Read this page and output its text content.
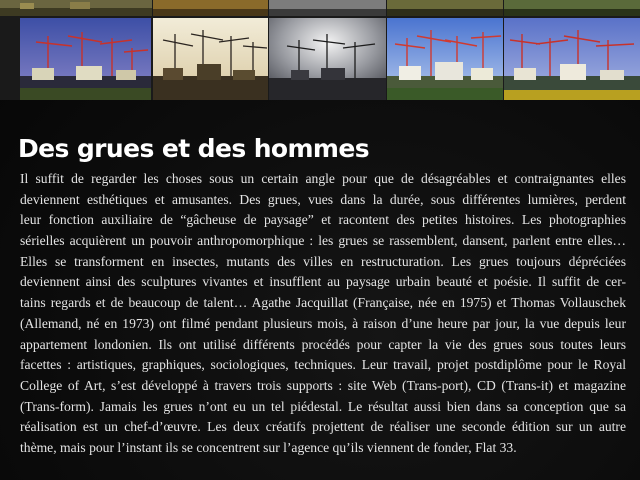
Des grues et des hommes
Il suffit de regarder les choses sous un certain angle pour que de désagréables et contraignantes elles
deviennent esthétiques et amusantes. Des grues, vues dans la durée, sous différentes lumières, perdent
leur fonction auxiliaire de “gâcheuse de paysage” et racontent des petites histoires. Les photographies
sérielles acquièrent un pouvoir anthropomorphique : les grues se rassemblent, dansent, parlent entre elles…
Elles se transforment en insectes, mutants des villes en restructuration. Les grues toujours dépréciées
deviennent ainsi des sculptures vivantes et insufflent au paysage urbain beauté et poésie. Il suffit de cer-
tains regards et de beaucoup de talent… Agathe Jacquillat (Française, née en 1975) et Thomas Vollauschek
(Allemand, né en 1973) ont filmé pendant plusieurs mois, à raison d’une heure par jour, la vue depuis leur
appartement londonien. Ils ont utilisé différents procédés pour capter la vie des grues sous toutes leurs
facettes : artistiques, graphiques, sociologiques, techniques. Leur travail, projet postdiplôme pour le Royal
College of Art, s’est développé à travers trois supports : site Web (Trans-port), CD (Trans-it) et magazine
(Trans-form). Jamais les grues n’ont eu un tel piédestal. Le résultat aussi bien dans sa conception que sa
réalisation est un chef-d’œuvre. Les deux créatifs projettent de réaliser une seconde édition sur un autre
thème, mais pour l’instant ils se concentrent sur l’agence qu’ils viennent de fonder, Flat 33.
